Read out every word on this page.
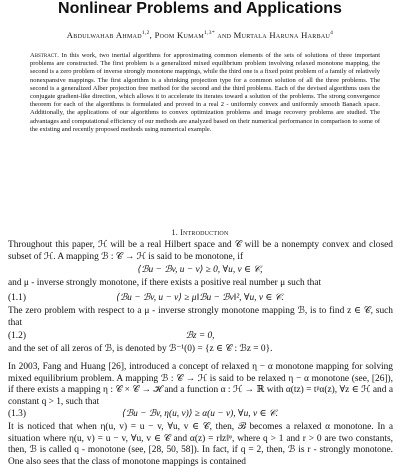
Nonlinear Problems and Applications
Abdulwahab Ahmad$^{1,2}$, Poom Kumam$^{1,3*}$ and Murtala Haruna Harbau$^4$
Abstract. In this work, two inertial algorithms for approximating common elements of the sets of solutions of three important problems are constructed. The first problem is a generalized mixed equilibrium problem involving relaxed monotone mapping, the second is a zero problem of inverse strongly monotone mappings, while the third one is a fixed point problem of a family of relatively nonexpansive mappings. The first algorithm is a shrinking projection type for a common solution of all the three problems. The second is a generalized Alber projection free method for the second and the third problems. Each of the devised algorithms uses the conjugate gradient-like direction, which allows it to accelerate its iterates toward a solution of the problems. The strong convergence theorem for each of the algorithms is formulated and proved in a real 2 - uniformly convex and uniformly smooth Banach space. Additionally, the applications of our algorithms to convex optimization problems and image recovery problems are studied. The advantages and computational efficiency of our methods are analyzed based on their numerical performance in comparison to some of the existing and recently proposed methods using numerical example.
1. Introduction
Throughout this paper, ℋ will be a real Hilbert space and 𝒞 will be a nonempty convex and closed subset of ℋ. A mapping ℬ : 𝒞 → ℋ is said to be monotone, if
⟨ℬu − ℬv, u − v⟩ ≥ 0, ∀u, v ∈ 𝒞,
and μ - inverse strongly monotone, if there exists a positive real number μ such that
(1.1)	⟨ℬu − ℬv, u − v⟩ ≥ μ‖ℬu − ℬv‖², ∀u, v ∈ 𝒞.
The zero problem with respect to a μ - inverse strongly monotone mapping ℬ, is to find z ∈ 𝒞, such that
(1.2)	ℬz = 0,
and the set of all zeros of ℬ, is denoted by ℬ⁻¹(0) = {z ∈ 𝒞 : ℬz = 0}.
In 2003, Fang and Huang [26], introduced a concept of relaxed η − α monotone mapping for solving mixed equilibrium problem. A mapping ℬ : 𝒞 → ℋ is said to be relaxed η − α monotone (see, [26]), if there exists a mapping η : 𝒞 × 𝒞 → ℋ and a function α : ℋ → ℝ with α(tz) = tᵖα(z), ∀z ∈ ℋ and a constant q > 1, such that
(1.3)	⟨ℬu − ℬv, η(u, v)⟩ ≥ α(u − v), ∀u, v ∈ 𝒞.
It is noticed that when η(u, v) = u − v, ∀u, v ∈ 𝒞, then, ℬ becomes a relaxed α monotone. In a situation where η(u, v) = u − v, ∀u, v ∈ 𝒞 and α(z) = r‖z‖ᵠ, where q > 1 and r > 0 are two constants, then, ℬ is called q - monotone (see, [28, 50, 58]). In fact, if q = 2, then, ℬ is r - strongly monotone. One also sees that the class of monotone mappings is contained
